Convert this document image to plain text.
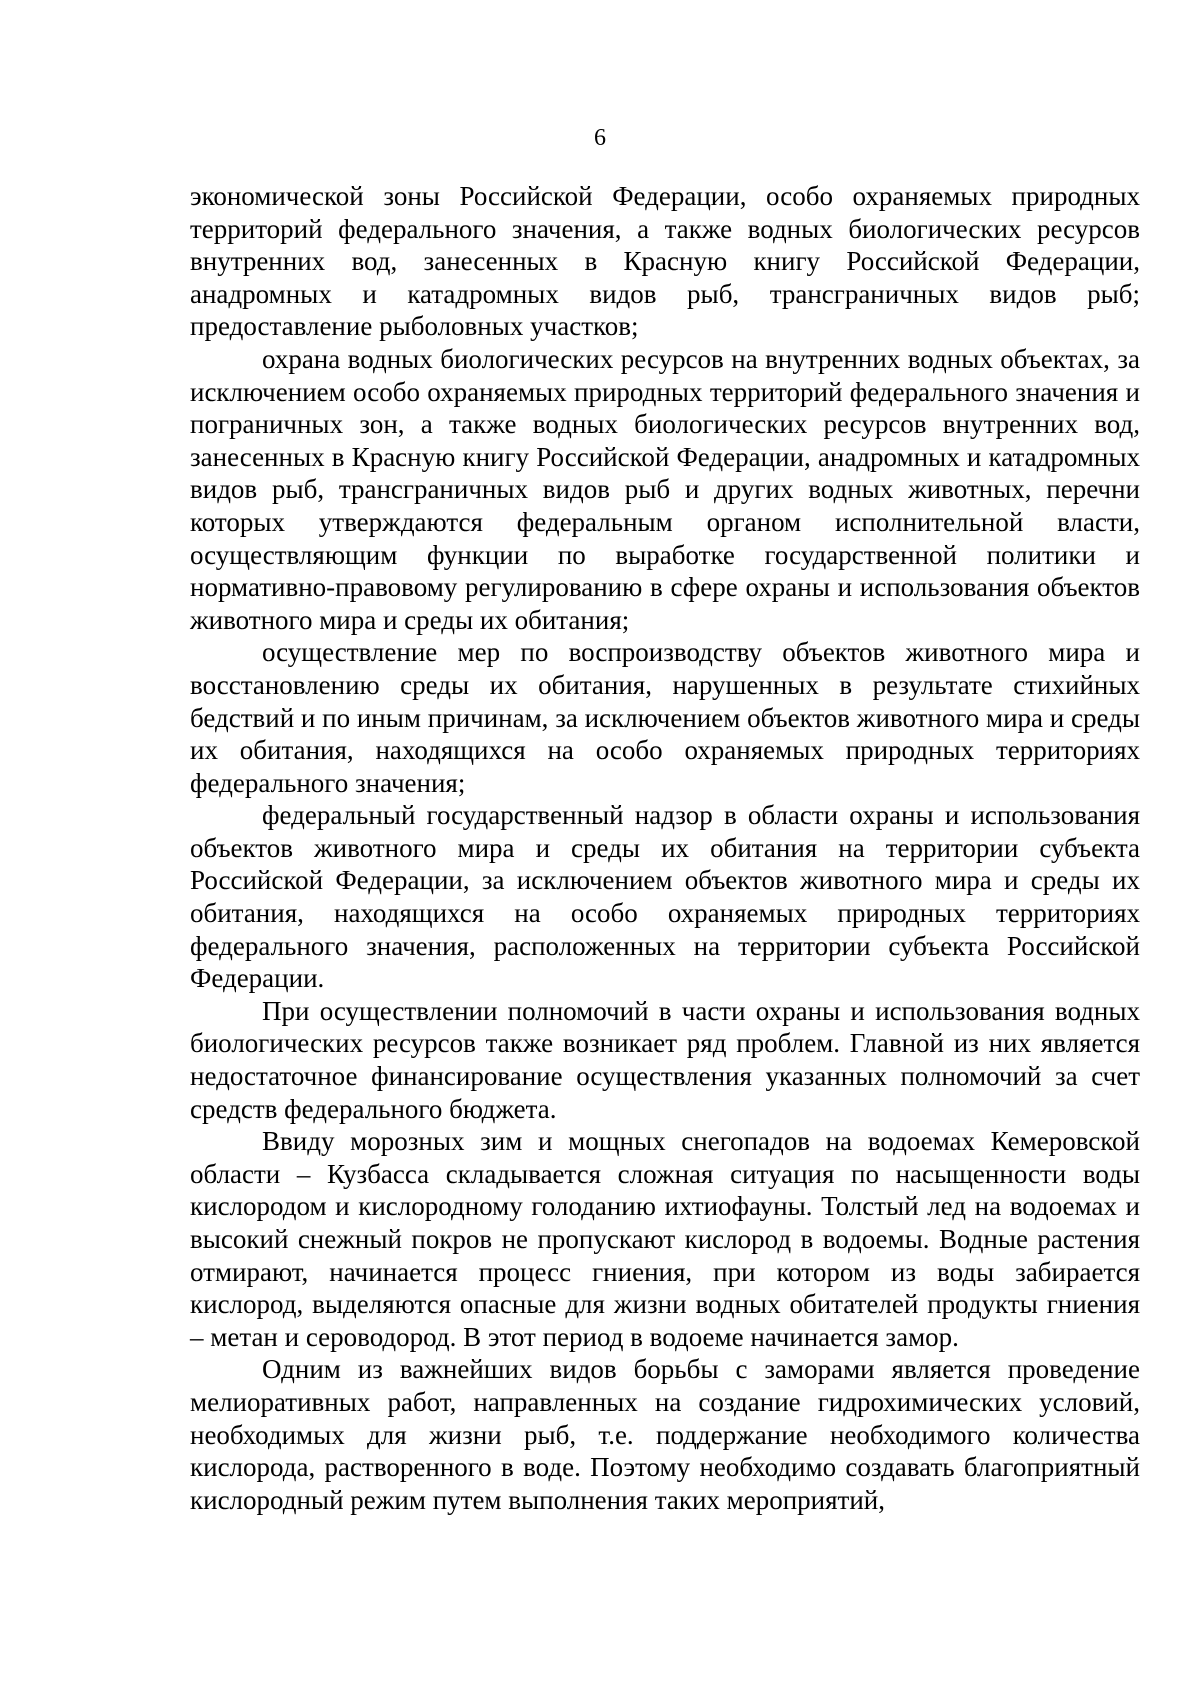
6

экономической зоны Российской Федерации, особо охраняемых природных территорий федерального значения, а также водных биологических ресурсов внутренних вод, занесенных в Красную книгу Российской Федерации, анадромных и катадромных видов рыб, трансграничных видов рыб; предоставление рыболовных участков;

охрана водных биологических ресурсов на внутренних водных объектах, за исключением особо охраняемых природных территорий федерального значения и пограничных зон, а также водных биологических ресурсов внутренних вод, занесенных в Красную книгу Российской Федерации, анадромных и катадромных видов рыб, трансграничных видов рыб и других водных животных, перечни которых утверждаются федеральным органом исполнительной власти, осуществляющим функции по выработке государственной политики и нормативно-правовому регулированию в сфере охраны и использования объектов животного мира и среды их обитания;

осуществление мер по воспроизводству объектов животного мира и восстановлению среды их обитания, нарушенных в результате стихийных бедствий и по иным причинам, за исключением объектов животного мира и среды их обитания, находящихся на особо охраняемых природных территориях федерального значения;

федеральный государственный надзор в области охраны и использования объектов животного мира и среды их обитания на территории субъекта Российской Федерации, за исключением объектов животного мира и среды их обитания, находящихся на особо охраняемых природных территориях федерального значения, расположенных на территории субъекта Российской Федерации.

При осуществлении полномочий в части охраны и использования водных биологических ресурсов также возникает ряд проблем. Главной из них является недостаточное финансирование осуществления указанных полномочий за счет средств федерального бюджета.

Ввиду морозных зим и мощных снегопадов на водоемах Кемеровской области – Кузбасса складывается сложная ситуация по насыщенности воды кислородом и кислородному голоданию ихтиофауны. Толстый лед на водоемах и высокий снежный покров не пропускают кислород в водоемы. Водные растения отмирают, начинается процесс гниения, при котором из воды забирается кислород, выделяются опасные для жизни водных обитателей продукты гниения – метан и сероводород. В этот период в водоеме начинается замор.

Одним из важнейших видов борьбы с заморами является проведение мелиоративных работ, направленных на создание гидрохимических условий, необходимых для жизни рыб, т.е. поддержание необходимого количества кислорода, растворенного в воде. Поэтому необходимо создавать благоприятный кислородный режим путем выполнения таких мероприятий,
